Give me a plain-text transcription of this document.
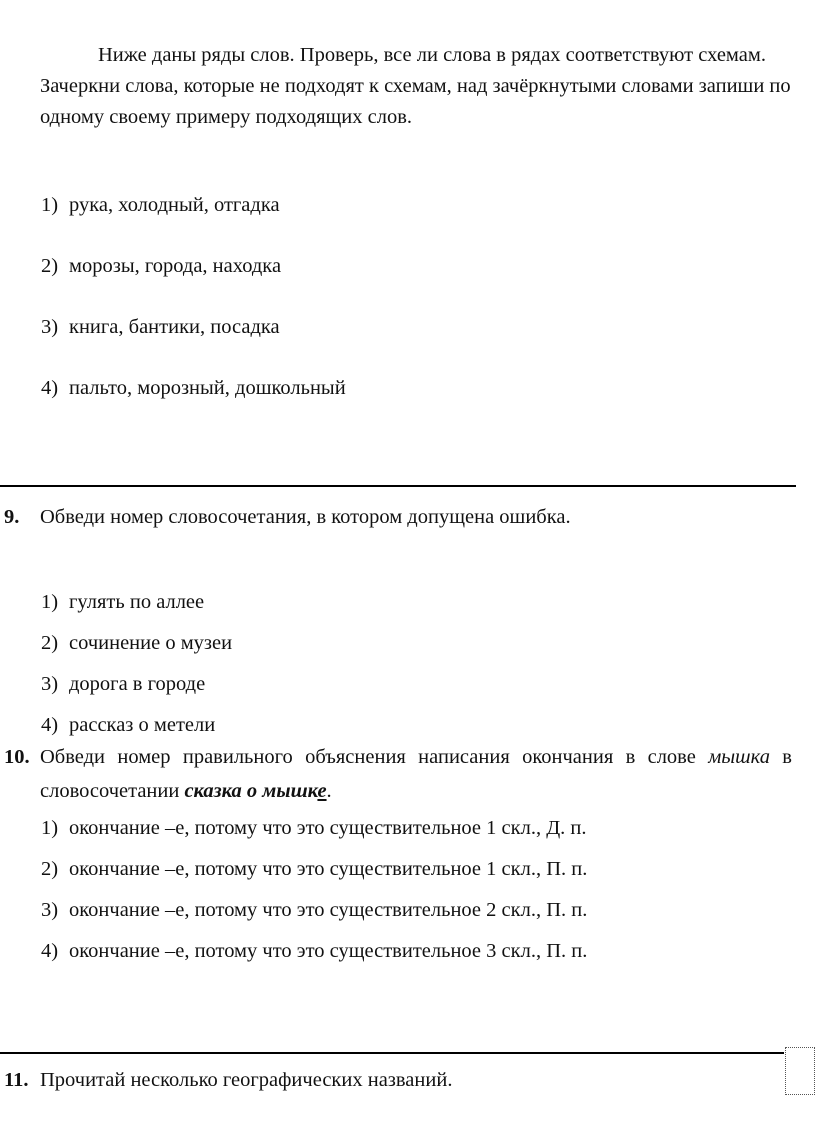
Ниже даны ряды слов. Проверь, все ли слова в рядах соответствуют схемам. Зачеркни слова, которые не подходят к схемам, над зачёркнутыми словами запиши по одному своему примеру подходящих слов.
1) рука, холодный, отгадка
2) морозы, города, находка
3) книга, бантики, посадка
4) пальто, морозный, дошкольный
9. Обведи номер словосочетания, в котором допущена ошибка.
1) гулять по аллее
2) сочинение о музеи
3) дорога в городе
4) рассказ о метели
10. Обведи номер правильного объяснения написания окончания в слове мышка в словосочетании сказка о мышке.
1) окончание –е, потому что это существительное 1 скл., Д. п.
2) окончание –е, потому что это существительное 1 скл., П. п.
3) окончание –е, потому что это существительное 2 скл., П. п.
4) окончание –е, потому что это существительное 3 скл., П. п.
11. Прочитай несколько географических названий.
